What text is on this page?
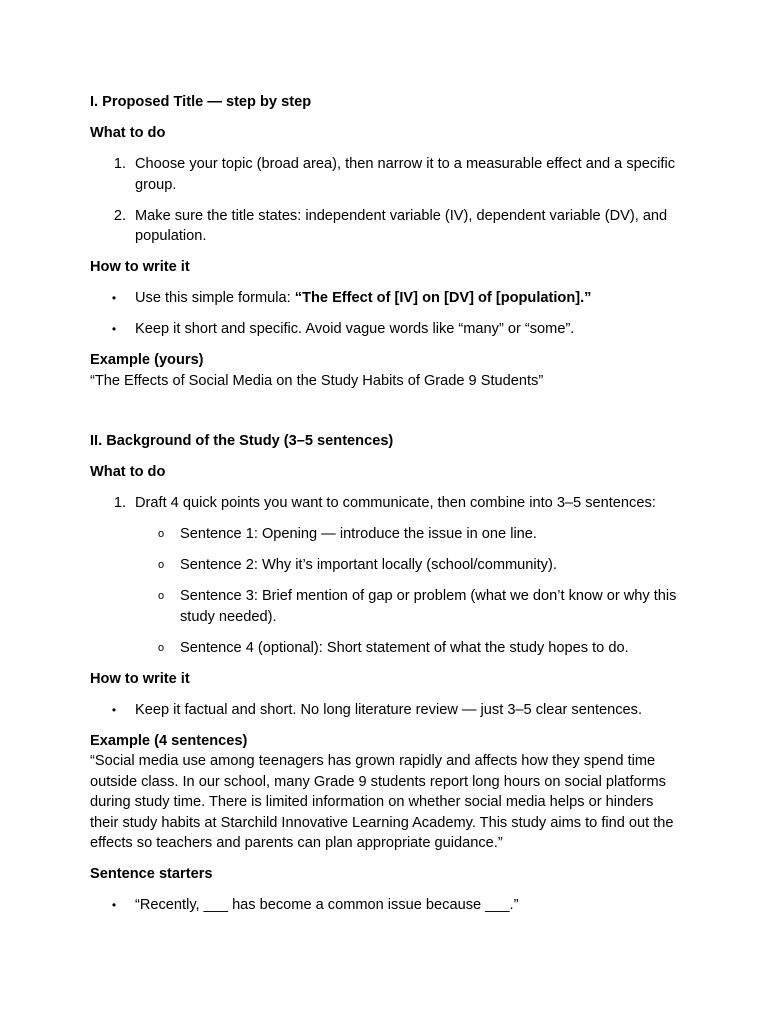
I. Proposed Title — step by step

What to do

1. Choose your topic (broad area), then narrow it to a measurable effect and a specific group.
2. Make sure the title states: independent variable (IV), dependent variable (DV), and population.

How to write it

• Use this simple formula: “The Effect of [IV] on [DV] of [population].”
• Keep it short and specific. Avoid vague words like “many” or “some”.

Example (yours)

“The Effects of Social Media on the Study Habits of Grade 9 Students”

II. Background of the Study (3–5 sentences)

What to do

1. Draft 4 quick points you want to communicate, then combine into 3–5 sentences:
o Sentence 1: Opening — introduce the issue in one line.
o Sentence 2: Why it’s important locally (school/community).
o Sentence 3: Brief mention of gap or problem (what we don’t know or why this study needed).
o Sentence 4 (optional): Short statement of what the study hopes to do.

How to write it

• Keep it factual and short. No long literature review — just 3–5 clear sentences.

Example (4 sentences)

“Social media use among teenagers has grown rapidly and affects how they spend time outside class. In our school, many Grade 9 students report long hours on social platforms during study time. There is limited information on whether social media helps or hinders their study habits at Starchild Innovative Learning Academy. This study aims to find out the effects so teachers and parents can plan appropriate guidance.”

Sentence starters

• “Recently, ___ has become a common issue because ___.”
